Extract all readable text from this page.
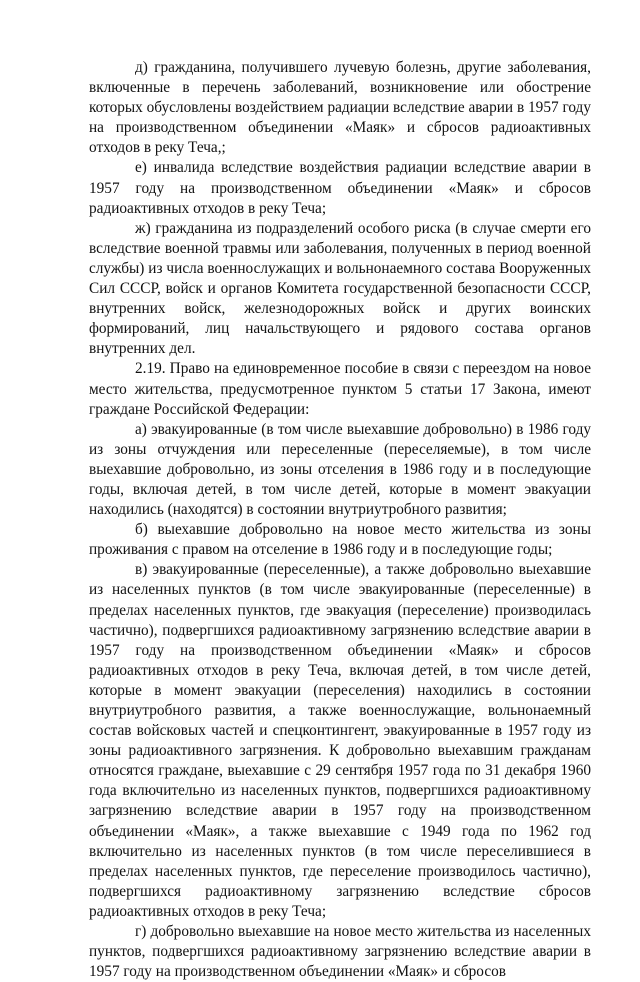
д) гражданина, получившего лучевую болезнь, другие заболевания, включенные в перечень заболеваний, возникновение или обострение которых обусловлены воздействием радиации вследствие аварии в 1957 году на производственном объединении «Маяк» и сбросов радиоактивных отходов в реку Теча,;

е) инвалида вследствие воздействия радиации вследствие аварии в 1957 году на производственном объединении «Маяк» и сбросов радиоактивных отходов в реку Теча;

ж) гражданина из подразделений особого риска (в случае смерти его вследствие военной травмы или заболевания, полученных в период военной службы) из числа военнослужащих и вольнонаемного состава Вооруженных Сил СССР, войск и органов Комитета государственной безопасности СССР, внутренних войск, железнодорожных войск и других воинских формирований, лиц начальствующего и рядового состава органов внутренних дел.

2.19. Право на единовременное пособие в связи с переездом на новое место жительства, предусмотренное пунктом 5 статьи 17 Закона, имеют граждане Российской Федерации:

а) эвакуированные (в том числе выехавшие добровольно) в 1986 году из зоны отчуждения или переселенные (переселяемые), в том числе выехавшие добровольно, из зоны отселения в 1986 году и в последующие годы, включая детей, в том числе детей, которые в момент эвакуации находились (находятся) в состоянии внутриутробного развития;

б) выехавшие добровольно на новое место жительства из зоны проживания с правом на отселение в 1986 году и в последующие годы;

в) эвакуированные (переселенные), а также добровольно выехавшие из населенных пунктов (в том числе эвакуированные (переселенные) в пределах населенных пунктов, где эвакуация (переселение) производилась частично), подвергшихся радиоактивному загрязнению вследствие аварии в 1957 году на производственном объединении «Маяк» и сбросов радиоактивных отходов в реку Теча, включая детей, в том числе детей, которые в момент эвакуации (переселения) находились в состоянии внутриутробного развития, а также военнослужащие, вольнонаемный состав войсковых частей и спецконтингент, эвакуированные в 1957 году из зоны радиоактивного загрязнения. К добровольно выехавшим гражданам относятся граждане, выехавшие с 29 сентября 1957 года по 31 декабря 1960 года включительно из населенных пунктов, подвергшихся радиоактивному загрязнению вследствие аварии в 1957 году на производственном объединении «Маяк», а также выехавшие с 1949 года по 1962 год включительно из населенных пунктов (в том числе переселившиеся в пределах населенных пунктов, где переселение производилось частично), подвергшихся радиоактивному загрязнению вследствие сбросов радиоактивных отходов в реку Теча;

г) добровольно выехавшие на новое место жительства из населенных пунктов, подвергшихся радиоактивному загрязнению вследствие аварии в 1957 году на производственном объединении «Маяк» и сбросов
